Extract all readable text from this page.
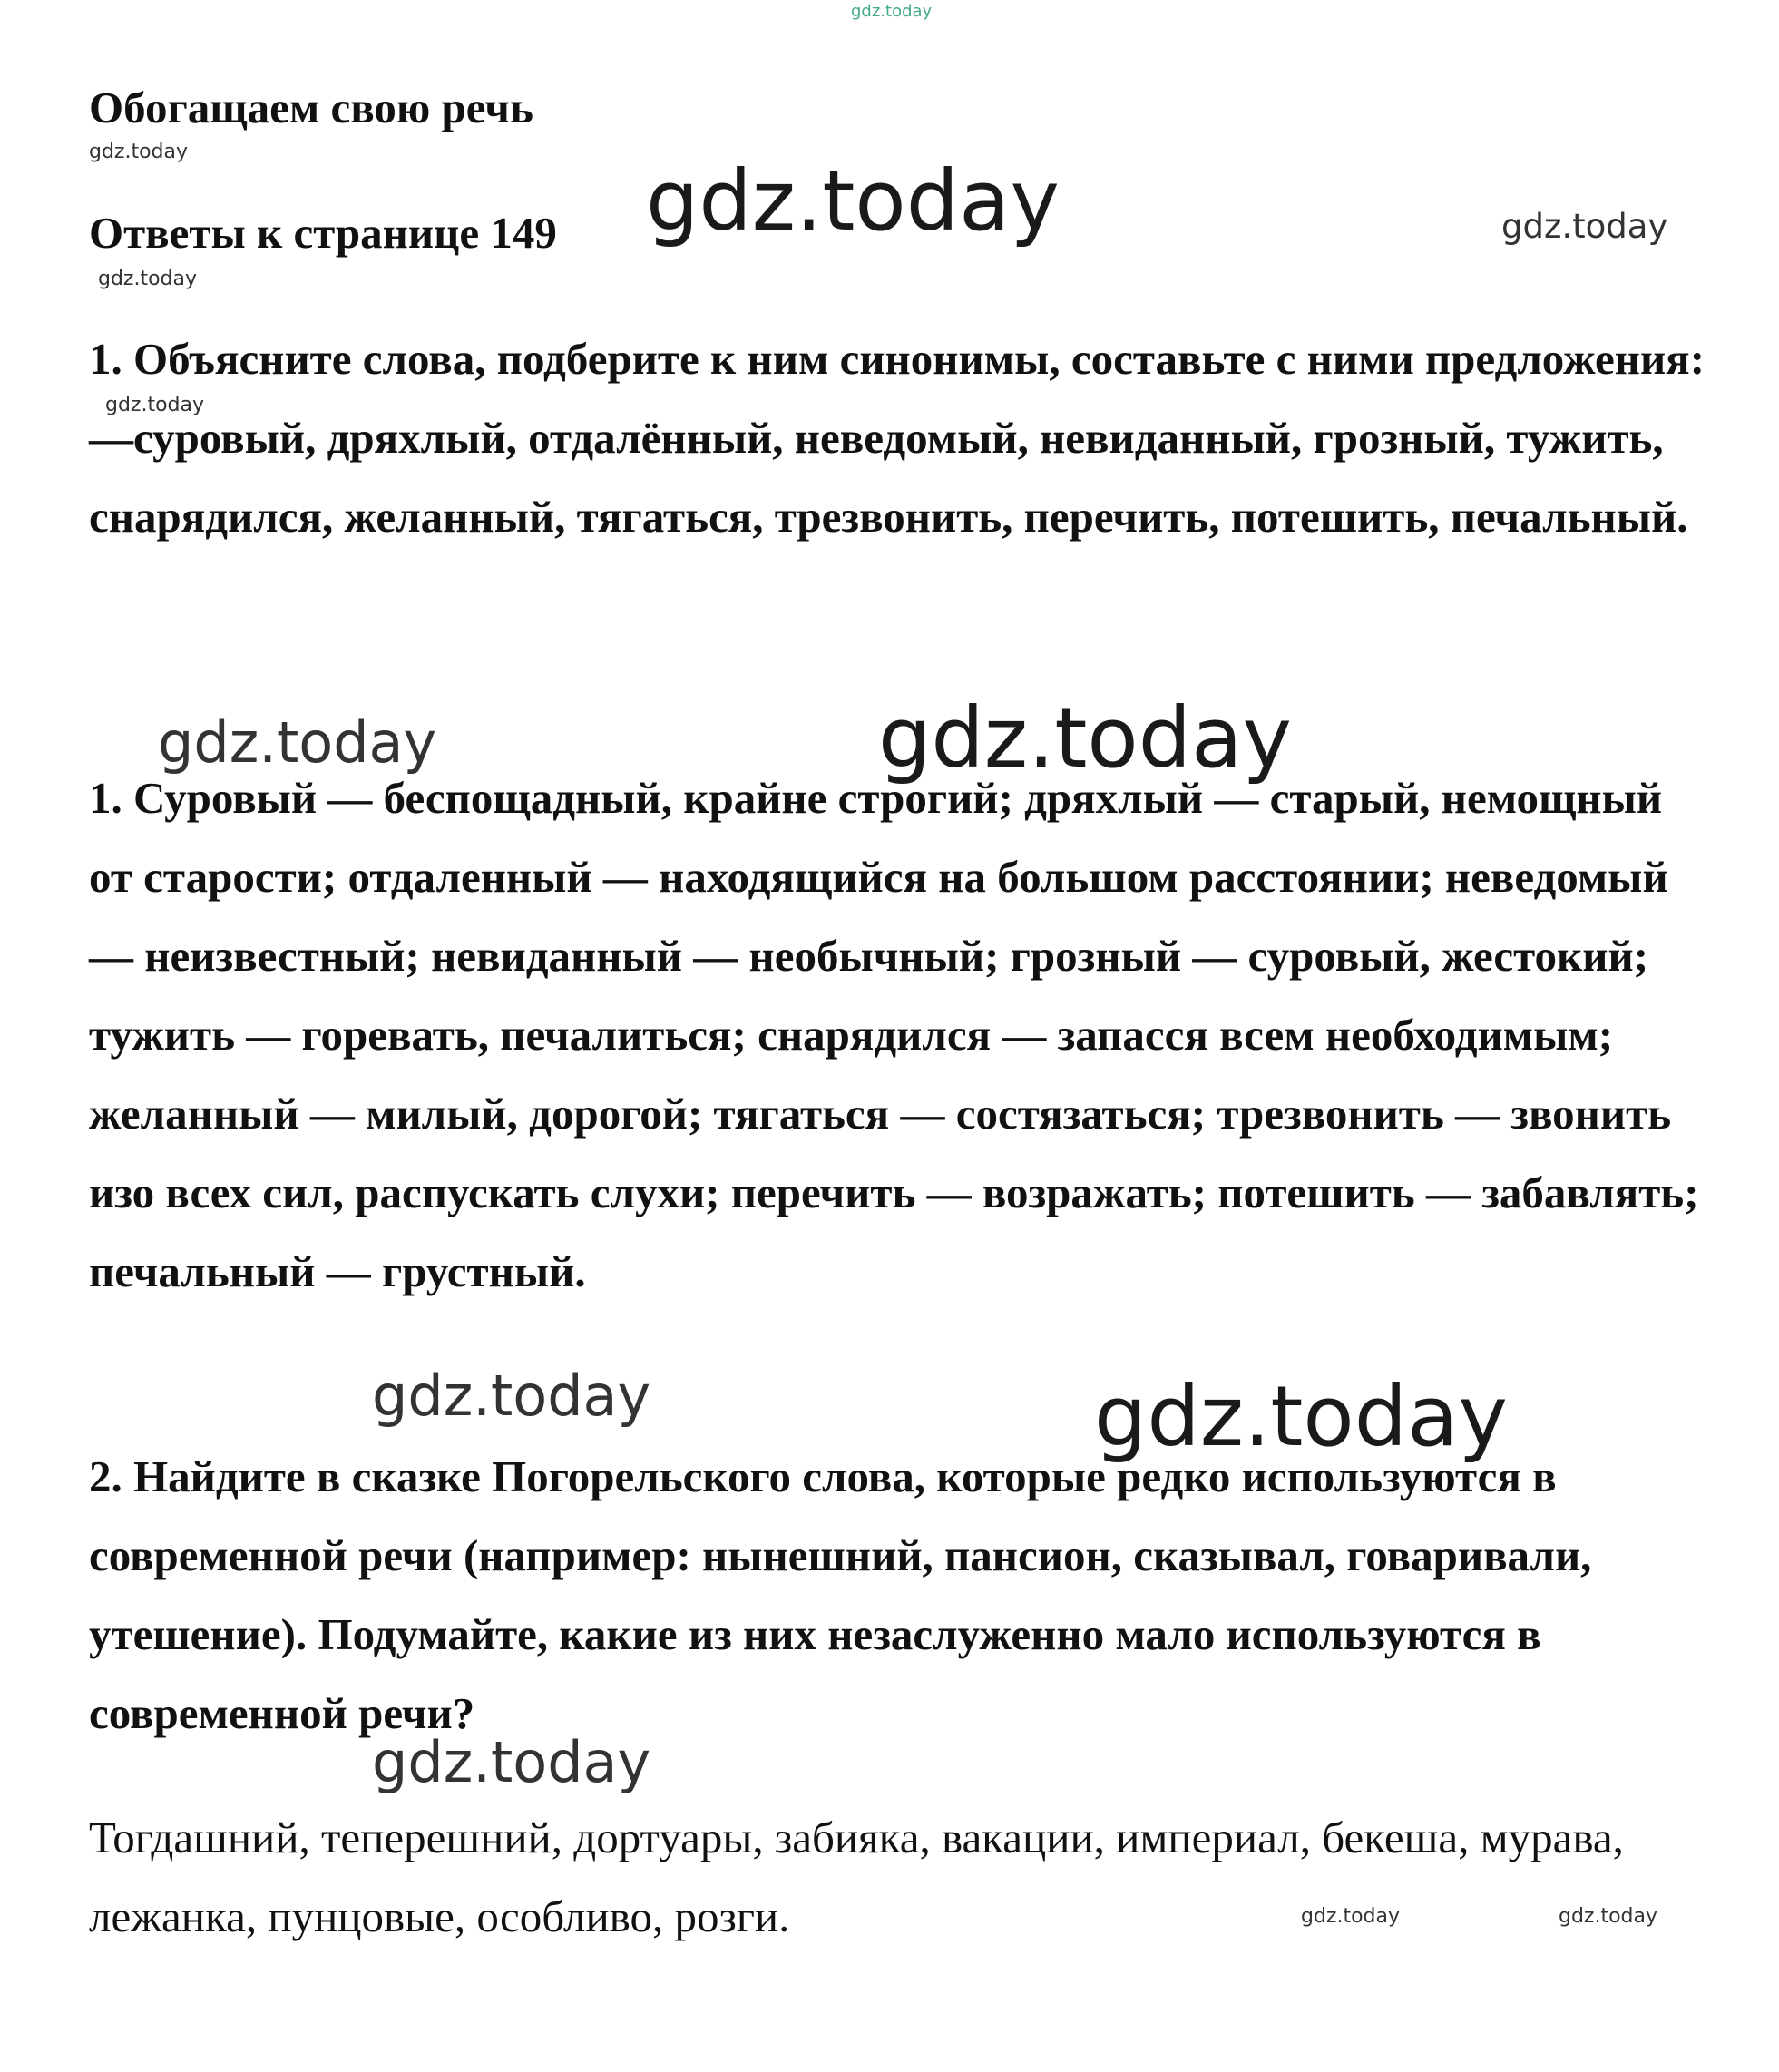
Обогащаем свою речь
Ответы к странице 149

1. Объясните слова, подберите к ним синонимы, составьте с ними предложения: —суровый, дряхлый, отдалённый, неведомый, невиданный, грозный, тужить, снарядился, желанный, тягаться, трезвонить, перечить, потешить, печальный.

1. Суровый — беспощадный, крайне строгий; дряхлый — старый, немощный от старости; отдаленный — находящийся на большом расстоянии; неведомый — неизвестный; невиданный — необычный; грозный — суровый, жестокий; тужить — горевать, печалиться; снарядился — запасся всем необходимым; желанный — милый, дорогой; тягаться — состязаться; трезвонить — звонить изо всех сил, распускать слухи; перечить — возражать; потешить — забавлять; печальный — грустный.

2. Найдите в сказке Погорельского слова, которые редко используются в современной речи (например: нынешний, пансион, сказывал, говаривали, утешение). Подумайте, какие из них незаслуженно мало используются в современной речи?

Тогдашний, теперешний, дортуары, забияка, вакации, империал, бекеша, мурава, лежанка, пунцовые, особливо, розги.

gdz.today
gdz.today
gdz.today	gdz.today
gdz.today
gdz.today
gdz.today	gdz.today
gdz.today	gdz.today
gdz.today
gdz.today	gdz.today
